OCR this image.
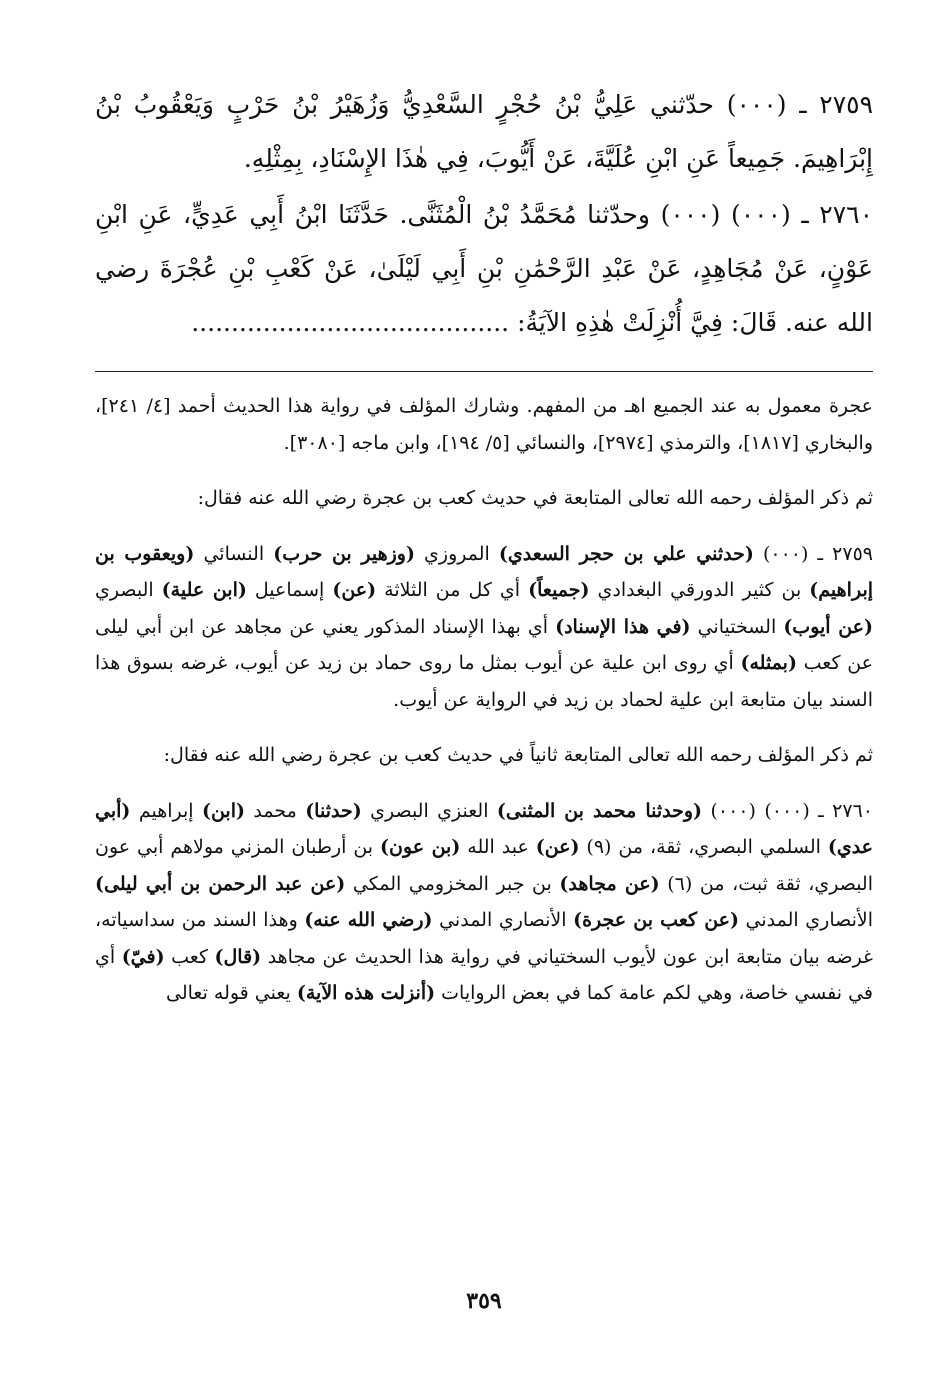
٢٧٥٩ ـ (٠٠٠) حدّثني عَلِيُّ بْنُ حُجْرٍ السَّعْدِيُّ وَزُهَيْرُ بْنُ حَرْبٍ وَيَعْقُوبُ بْنُ إِبْرَاهِيمَ. جَمِيعاً عَنِ ابْنِ عُلَيَّةَ، عَنْ أَيُّوبَ، فِي هٰذَا الإِسْنَادِ، بِمِثْلِهِ.

٢٧٦٠ ـ (٠٠٠) (٠٠٠) وحدّثنا مُحَمَّدُ بْنُ الْمُثَنَّى. حَدَّثَنَا ابْنُ أَبِي عَدِيٍّ، عَنِ ابْنِ عَوْنٍ، عَنْ مُجَاهِدٍ، عَنْ عَبْدِ الرَّحْمَٰنِ بْنِ أَبِي لَيْلَىٰ، عَنْ كَعْبِ بْنِ عُجْرَةَ رضي الله عنه. قَالَ: فِيَّ أُنْزِلَتْ هٰذِهِ الآيَةُ: ........................................

عجرة معمول به عند الجميع اهـ من المفهم. وشارك المؤلف في رواية هذا الحديث أحمد [٤/ ٢٤١]، والبخاري [١٨١٧]، والترمذي [٢٩٧٤]، والنسائي [٥/ ١٩٤]، وابن ماجه [٣٠٨٠].

ثم ذكر المؤلف رحمه الله تعالى المتابعة في حديث كعب بن عجرة رضي الله عنه فقال:

٢٧٥٩ ـ (٠٠٠) (حدثني علي بن حجر السعدي) المروزي (وزهير بن حرب) النسائي (ويعقوب بن إبراهيم) بن كثير الدورقي البغدادي (جميعاً) أي كل من الثلاثة (عن) إسماعيل (ابن علية) البصري (عن أيوب) السختياني (في هذا الإسناد) أي بهذا الإسناد المذكور يعني عن مجاهد عن ابن أبي ليلى عن كعب (بمثله) أي روى ابن علية عن أيوب بمثل ما روى حماد بن زيد عن أيوب، غرضه بسوق هذا السند بيان متابعة ابن علية لحماد بن زيد في الرواية عن أيوب.

ثم ذكر المؤلف رحمه الله تعالى المتابعة ثانياً في حديث كعب بن عجرة رضي الله عنه فقال:

٢٧٦٠ ـ (٠٠٠) (٠٠٠) (وحدثنا محمد بن المثنى) العنزي البصري (حدثنا) محمد (ابن) إبراهيم (أبي عدي) السلمي البصري، ثقة، من (٩) (عن) عبد الله (بن عون) بن أرطبان المزني مولاهم أبي عون البصري، ثقة ثبت، من (٦) (عن مجاهد) بن جبر المخزومي المكي (عن عبد الرحمن بن أبي ليلى) الأنصاري المدني (عن كعب بن عجرة) الأنصاري المدني (رضي الله عنه) وهذا السند من سداسياته، غرضه بيان متابعة ابن عون لأيوب السختياني في رواية هذا الحديث عن مجاهد (قال) كعب (فيّ) أي في نفسي خاصة، وهي لكم عامة كما في بعض الروايات (أنزلت هذه الآية) يعني قوله تعالى

٣٥٩
